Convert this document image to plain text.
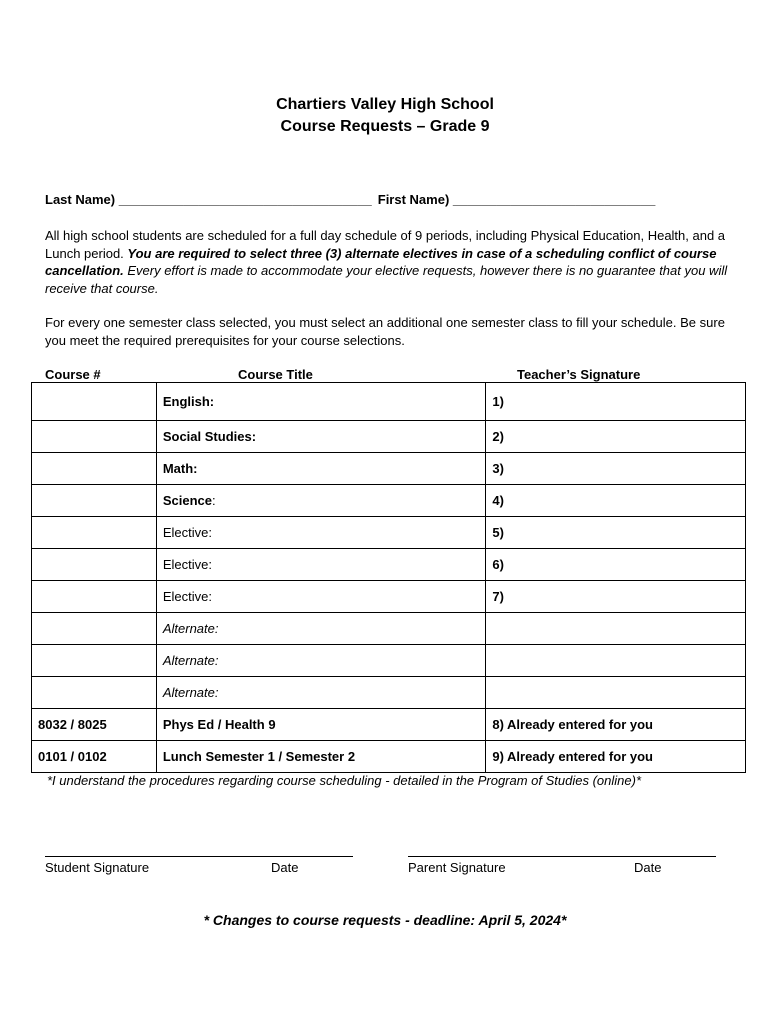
Chartiers Valley High School
Course Requests – Grade 9
Last Name) ___________________________________ First Name) ____________________________
All high school students are scheduled for a full day schedule of 9 periods, including Physical Education, Health, and a Lunch period. You are required to select three (3) alternate electives in case of a scheduling conflict of course cancellation. Every effort is made to accommodate your elective requests, however there is no guarantee that you will receive that course.
For every one semester class selected, you must select an additional one semester class to fill your schedule. Be sure you meet the required prerequisites for your course selections.
Course #	Course Title	Teacher’s Signature
	English:	1)
	Social Studies:	2)
	Math:	3)
	Science:	4)
	Elective:	5)
	Elective:	6)
	Elective:	7)
	Alternate:	
	Alternate:	
	Alternate:	
8032 / 8025	Phys Ed / Health 9	8) Already entered for you
0101 / 0102	Lunch Semester 1 / Semester 2	9) Already entered for you
*I understand the procedures regarding course scheduling - detailed in the Program of Studies (online)*
Student Signature	Date	Parent Signature	Date
* Changes to course requests - deadline: April 5, 2024*
